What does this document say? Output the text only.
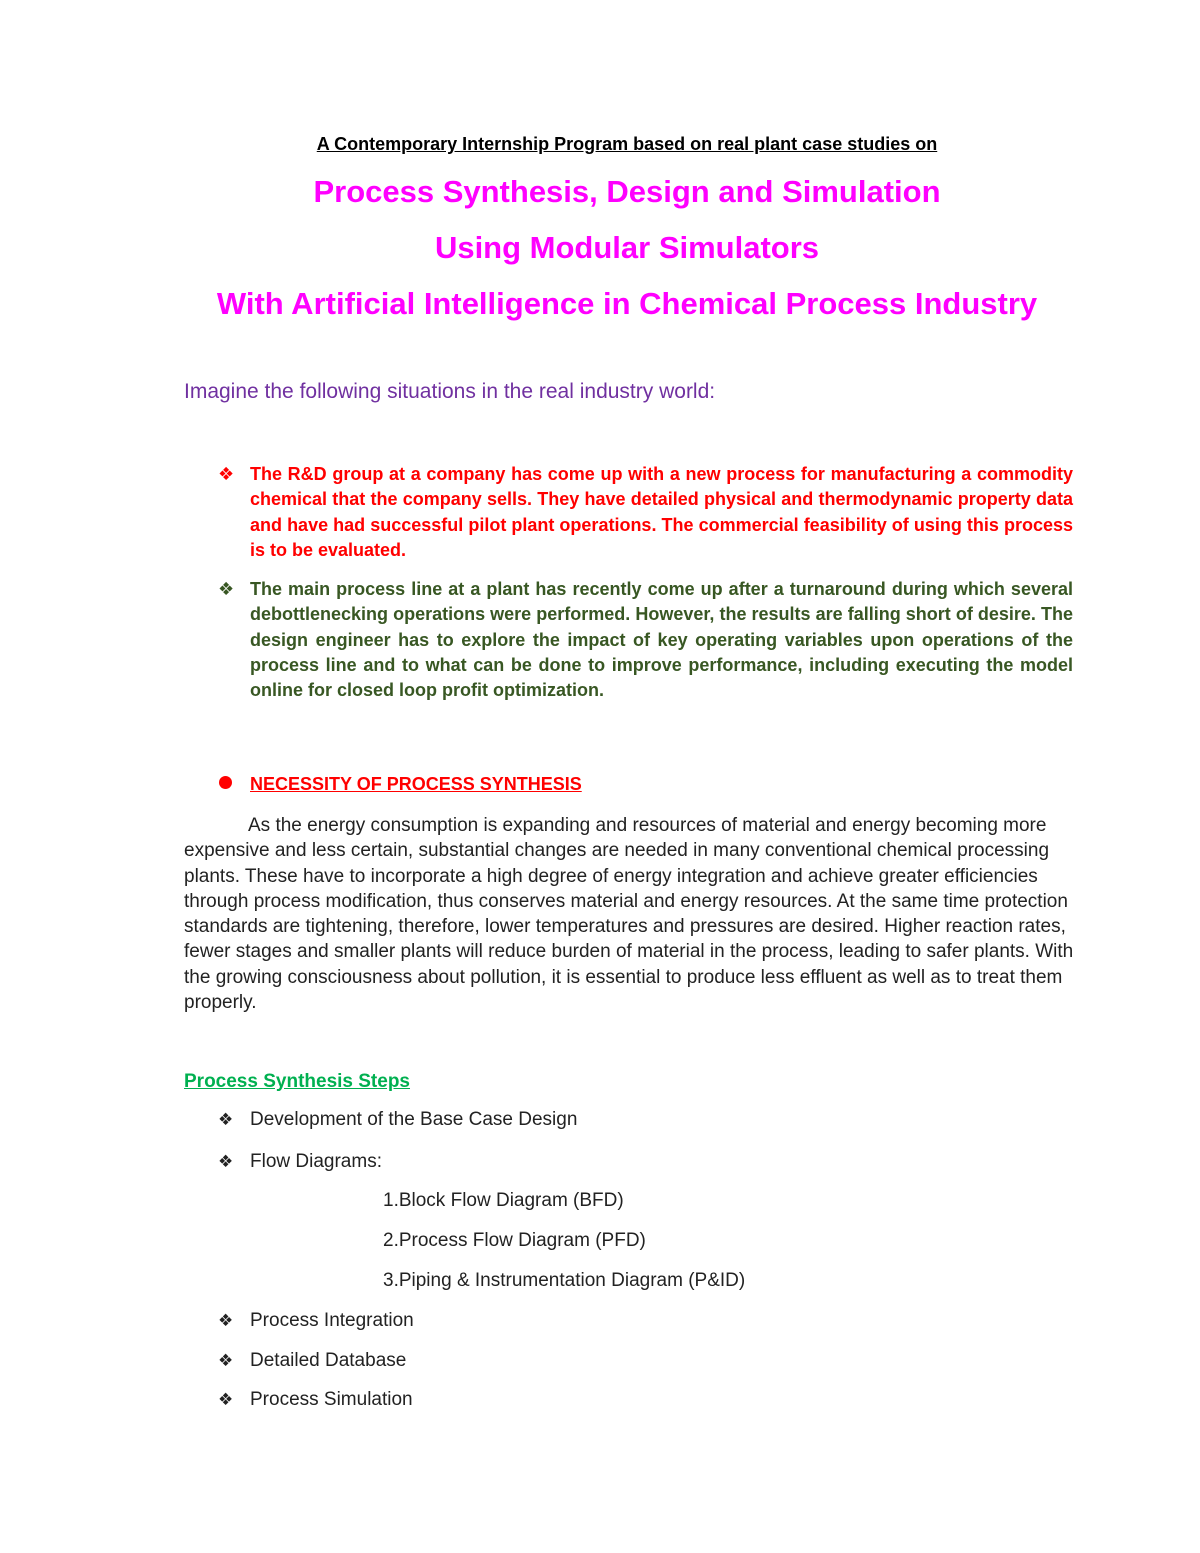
A Contemporary Internship Program based on real plant case studies on

Process Synthesis, Design and Simulation
Using Modular Simulators
With Artificial Intelligence in Chemical Process Industry

Imagine the following situations in the real industry world:

❖ The R&D group at a company has come up with a new process for manufacturing a commodity chemical that the company sells. They have detailed physical and thermodynamic property data and have had successful pilot plant operations. The commercial feasibility of using this process is to be evaluated.
❖ The main process line at a plant has recently come up after a turnaround during which several debottlenecking operations were performed. However, the results are falling short of desire. The design engineer has to explore the impact of key operating variables upon operations of the process line and to what can be done to improve performance, including executing the model online for closed loop profit optimization.

NECESSITY OF PROCESS SYNTHESIS

As the energy consumption is expanding and resources of material and energy becoming more expensive and less certain, substantial changes are needed in many conventional chemical processing plants. These have to incorporate a high degree of energy integration and achieve greater efficiencies through process modification, thus conserves material and energy resources. At the same time protection standards are tightening, therefore, lower temperatures and pressures are desired. Higher reaction rates, fewer stages and smaller plants will reduce burden of material in the process, leading to safer plants. With the growing consciousness about pollution, it is essential to produce less effluent as well as to treat them properly.

Process Synthesis Steps

❖ Development of the Base Case Design
❖ Flow Diagrams:
1.Block Flow Diagram (BFD)
2.Process Flow Diagram (PFD)
3.Piping & Instrumentation Diagram (P&ID)
❖ Process Integration
❖ Detailed Database
❖ Process Simulation
